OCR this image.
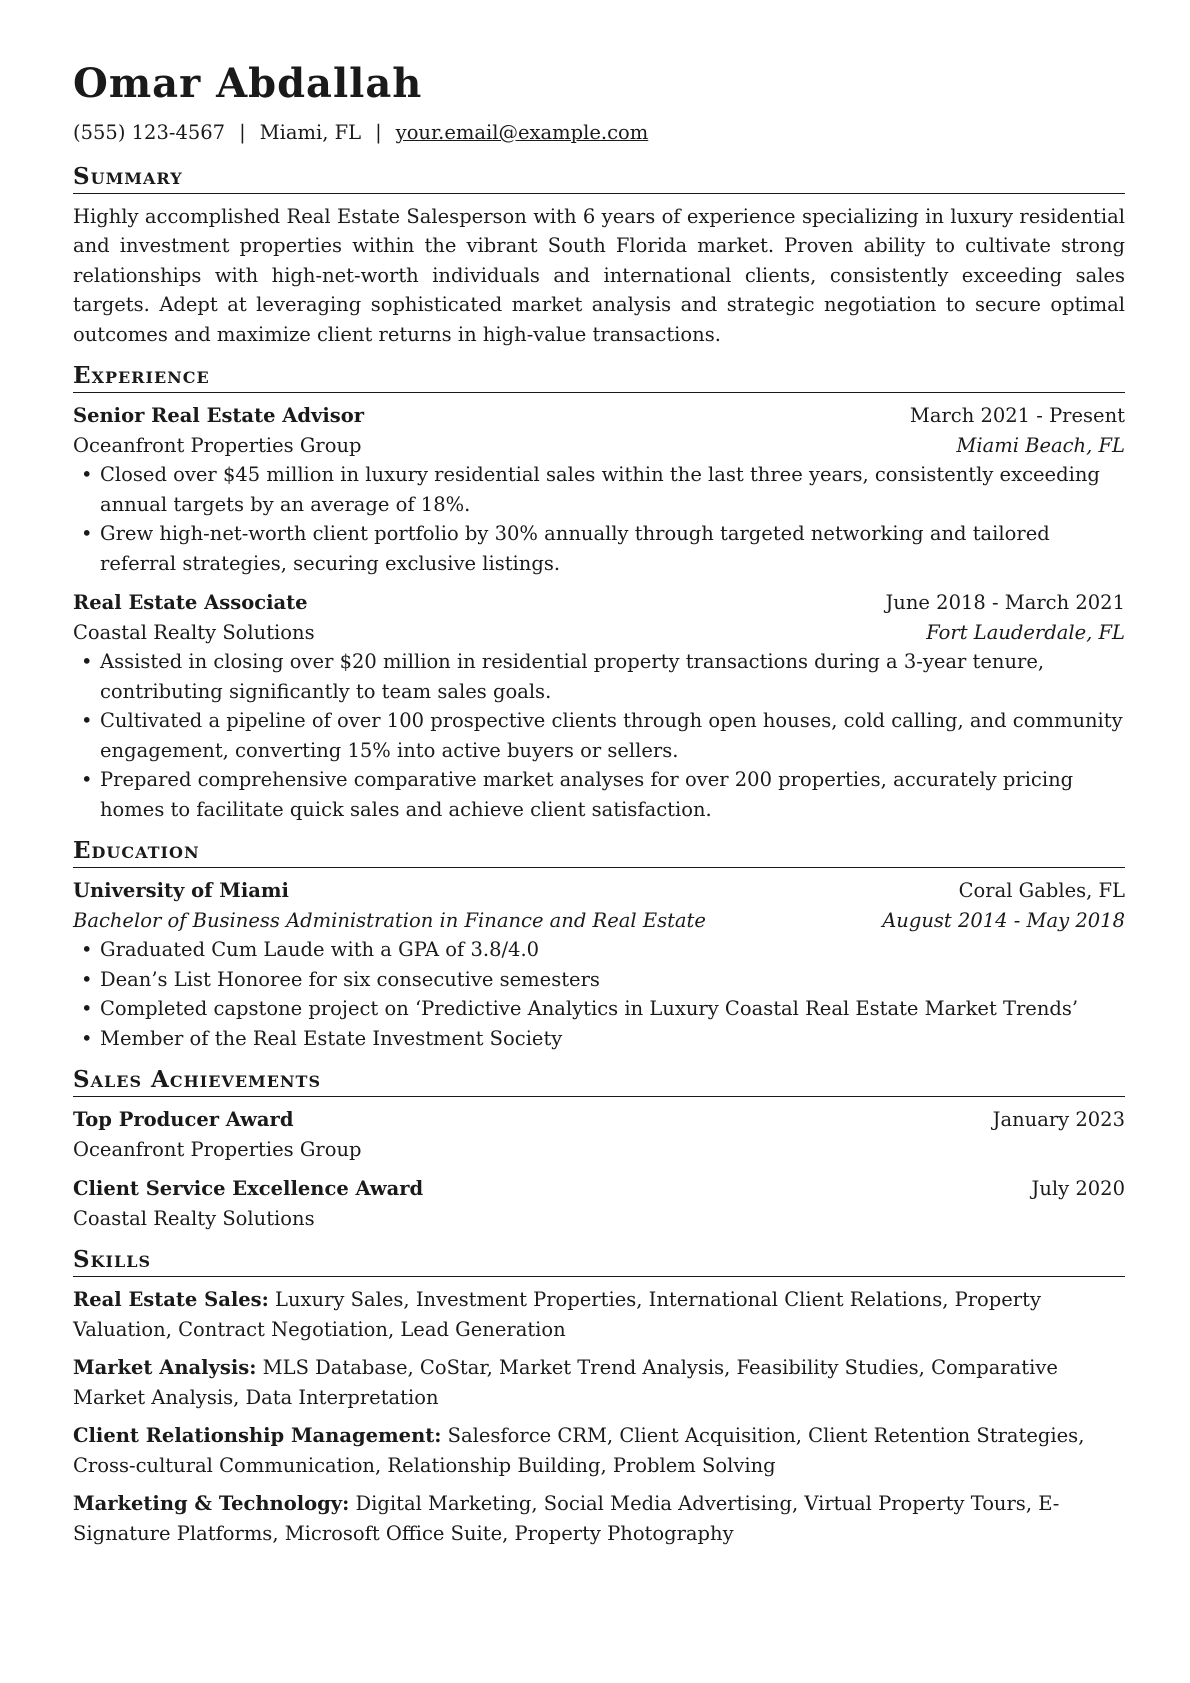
Omar Abdallah
(555) 123-4567 | Miami, FL | your.email@example.com
Summary
Highly accomplished Real Estate Salesperson with 6 years of experience specializing in luxury residential and investment properties within the vibrant South Florida market. Proven ability to cultivate strong relationships with high-net-worth individuals and international clients, consistently exceeding sales targets. Adept at leveraging sophisticated market analysis and strategic negotiation to secure optimal outcomes and maximize client returns in high-value transactions.
Experience
Senior Real Estate Advisor	March 2021 - Present
Oceanfront Properties Group	Miami Beach, FL
• Closed over $45 million in luxury residential sales within the last three years, consistently exceeding annual targets by an average of 18%.
• Grew high-net-worth client portfolio by 30% annually through targeted networking and tailored referral strategies, securing exclusive listings.
Real Estate Associate	June 2018 - March 2021
Coastal Realty Solutions	Fort Lauderdale, FL
• Assisted in closing over $20 million in residential property transactions during a 3-year tenure, contributing significantly to team sales goals.
• Cultivated a pipeline of over 100 prospective clients through open houses, cold calling, and community engagement, converting 15% into active buyers or sellers.
• Prepared comprehensive comparative market analyses for over 200 properties, accurately pricing homes to facilitate quick sales and achieve client satisfaction.
Education
University of Miami	Coral Gables, FL
Bachelor of Business Administration in Finance and Real Estate	August 2014 - May 2018
• Graduated Cum Laude with a GPA of 3.8/4.0
• Dean’s List Honoree for six consecutive semesters
• Completed capstone project on ‘Predictive Analytics in Luxury Coastal Real Estate Market Trends’
• Member of the Real Estate Investment Society
Sales Achievements
Top Producer Award	January 2023
Oceanfront Properties Group
Client Service Excellence Award	July 2020
Coastal Realty Solutions
Skills
Real Estate Sales: Luxury Sales, Investment Properties, International Client Relations, Property Valuation, Contract Negotiation, Lead Generation
Market Analysis: MLS Database, CoStar, Market Trend Analysis, Feasibility Studies, Comparative Market Analysis, Data Interpretation
Client Relationship Management: Salesforce CRM, Client Acquisition, Client Retention Strategies, Cross-cultural Communication, Relationship Building, Problem Solving
Marketing & Technology: Digital Marketing, Social Media Advertising, Virtual Property Tours, E-Signature Platforms, Microsoft Office Suite, Property Photography
